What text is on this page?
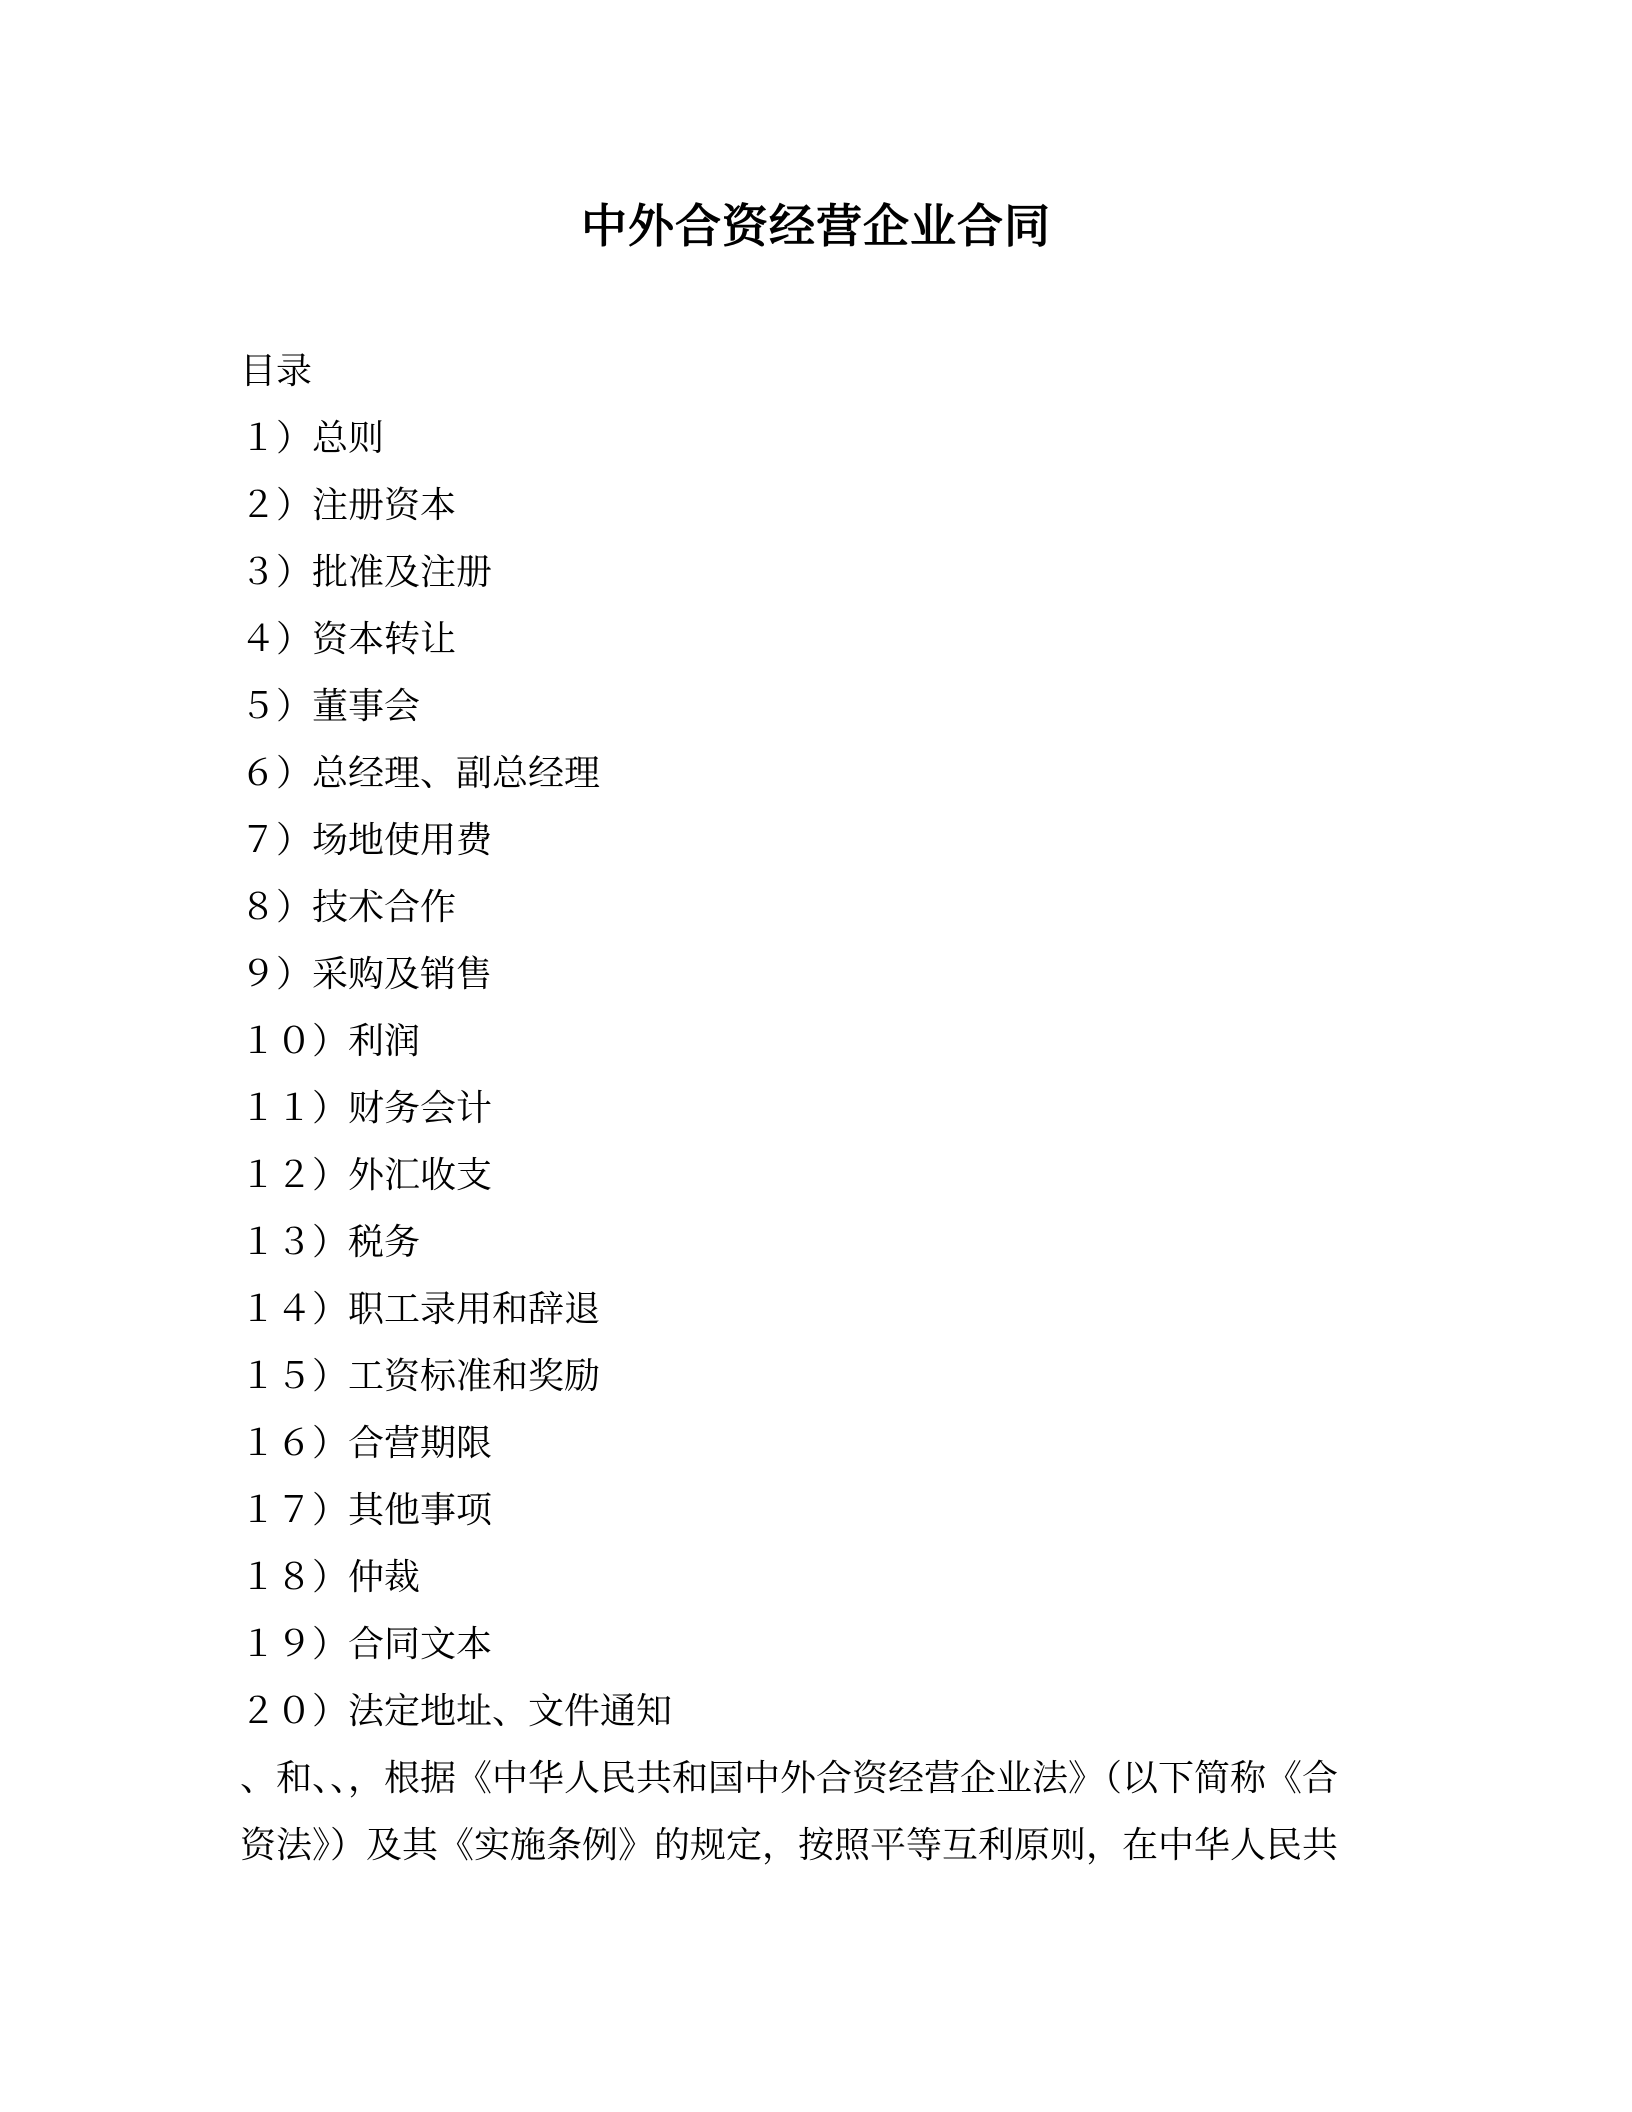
中外合资经营企业合同
目录
１）总则
２）注册资本
３）批准及注册
４）资本转让
５）董事会
６）总经理、副总经理
７）场地使用费
８）技术合作
９）采购及销售
１０）利润
１１）财务会计
１２）外汇收支
１３）税务
１４）职工录用和辞退
１５）工资标准和奖励
１６）合营期限
１７）其他事项
１８）仲裁
１９）合同文本
２０）法定地址、文件通知

、和、、，根据《中华人民共和国中外合资经营企业法》（以下简称《合
资法》）及其《实施条例》的规定，按照平等互利原则，在中华人民共
